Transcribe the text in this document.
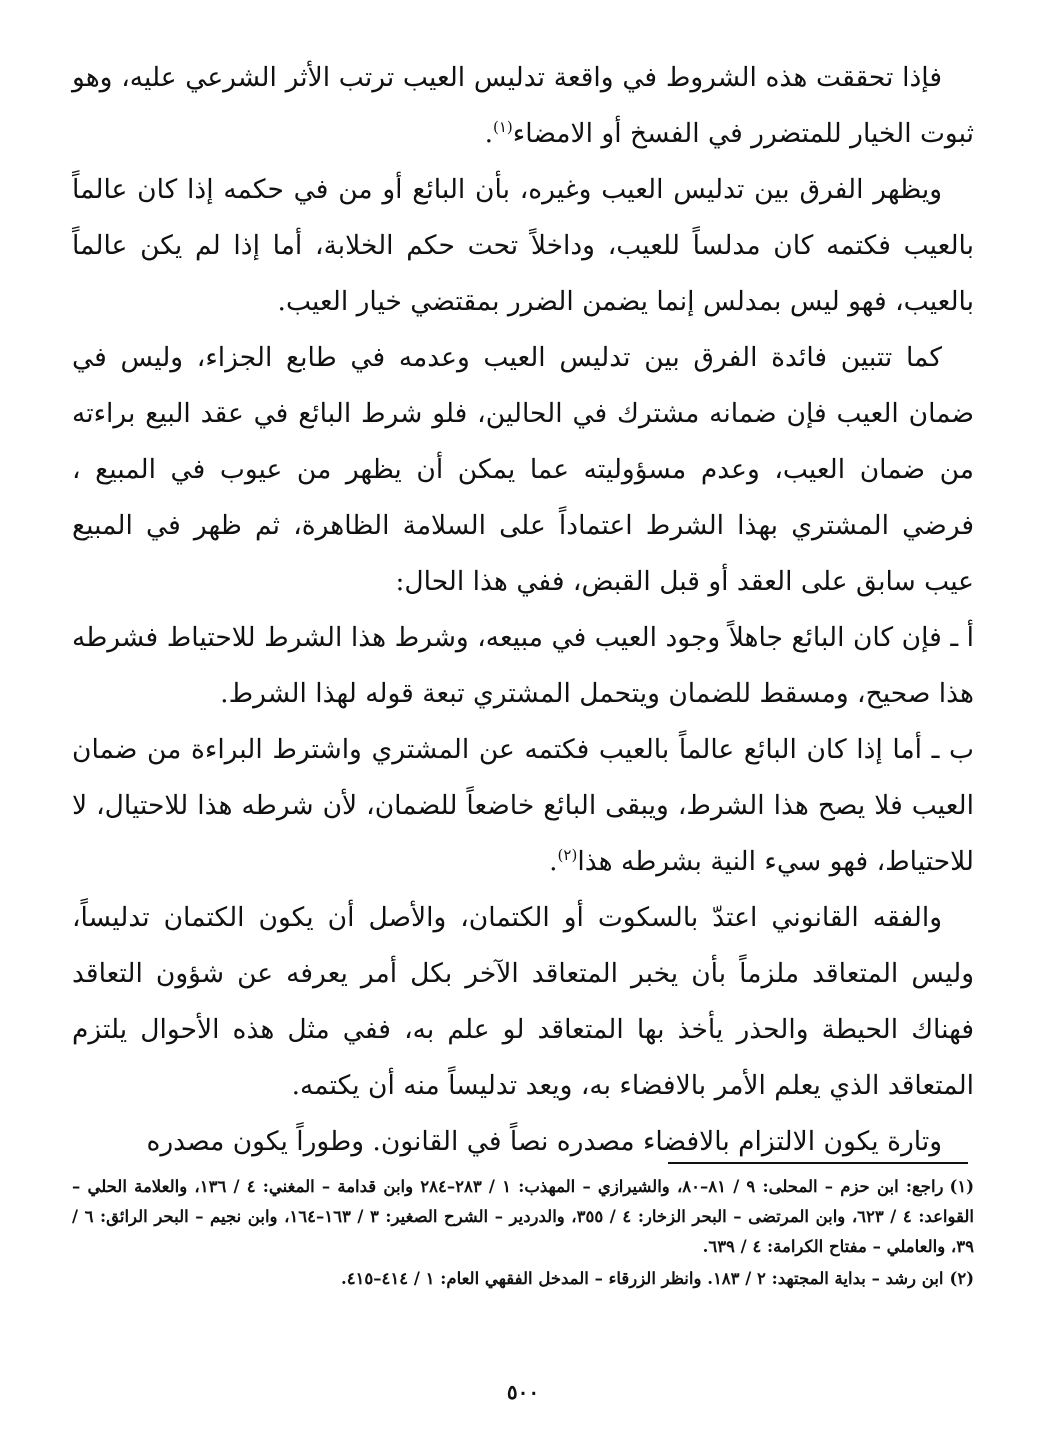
فإذا تحققت هذه الشروط في واقعة تدليس العيب ترتب الأثر الشرعي عليه، وهو ثبوت الخيار للمتضرر في الفسخ أو الامضاء$^{(١)}$.

ويظهر الفرق بين تدليس العيب وغيره، بأن البائع أو من في حكمه إذا كان عالماً بالعيب فكتمه كان مدلساً للعيب، وداخلاً تحت حكم الخلابة، أما إذا لم يكن عالماً بالعيب، فهو ليس بمدلس إنما يضمن الضرر بمقتضي خيار العيب.

كما تتبين فائدة الفرق بين تدليس العيب وعدمه في طابع الجزاء، وليس في ضمان العيب فإن ضمانه مشترك في الحالين، فلو شرط البائع في عقد البيع براءته من ضمان العيب، وعدم مسؤوليته عما يمكن أن يظهر من عيوب في المبيع ، فرضي المشتري بهذا الشرط اعتماداً على السلامة الظاهرة، ثم ظهر في المبيع عيب سابق على العقد أو قبل القبض، ففي هذا الحال:

أ ـ فإن كان البائع جاهلاً وجود العيب في مبيعه، وشرط هذا الشرط للاحتياط فشرطه هذا صحيح، ومسقط للضمان ويتحمل المشتري تبعة قوله لهذا الشرط.

ب ـ أما إذا كان البائع عالماً بالعيب فكتمه عن المشتري واشترط البراءة من ضمان العيب فلا يصح هذا الشرط، ويبقى البائع خاضعاً للضمان، لأن شرطه هذا للاحتيال، لا للاحتياط، فهو سيء النية بشرطه هذا$^{(٢)}$.

والفقه القانوني اعتدّ بالسكوت أو الكتمان، والأصل أن يكون الكتمان تدليساً، وليس المتعاقد ملزماً بأن يخبر المتعاقد الآخر بكل أمر يعرفه عن شؤون التعاقد فهناك الحيطة والحذر يأخذ بها المتعاقد لو علم به، ففي مثل هذه الأحوال يلتزم المتعاقد الذي يعلم الأمر بالافضاء به، ويعد تدليساً منه أن يكتمه.

وتارة يكون الالتزام بالافضاء مصدره نصاً في القانون. وطوراً يكون مصدره

(١)راجع: ابن حزم – المحلى: ٩ / ٨١–٨٠، والشيرازي – المهذب: ١ / ٢٨٣–٢٨٤ وابن قدامة – المغني: ٤ / ١٣٦، والعلامة الحلي – القواعد: ٤ / ٦٢٣، وابن المرتضى – البحر الزخار: ٤ / ٣٥٥، والدردير – الشرح الصغير: ٣ / ١٦٣–١٦٤، وابن نجيم – البحر الرائق: ٦ / ٣٩، والعاملي – مفتاح الكرامة: ٤ / ٦٣٩.

(٢)ابن رشد – بداية المجتهد: ٢ / ١٨٣. وانظر الزرقاء – المدخل الفقهي العام: ١ / ٤١٤–٤١٥.

٥٠٠
